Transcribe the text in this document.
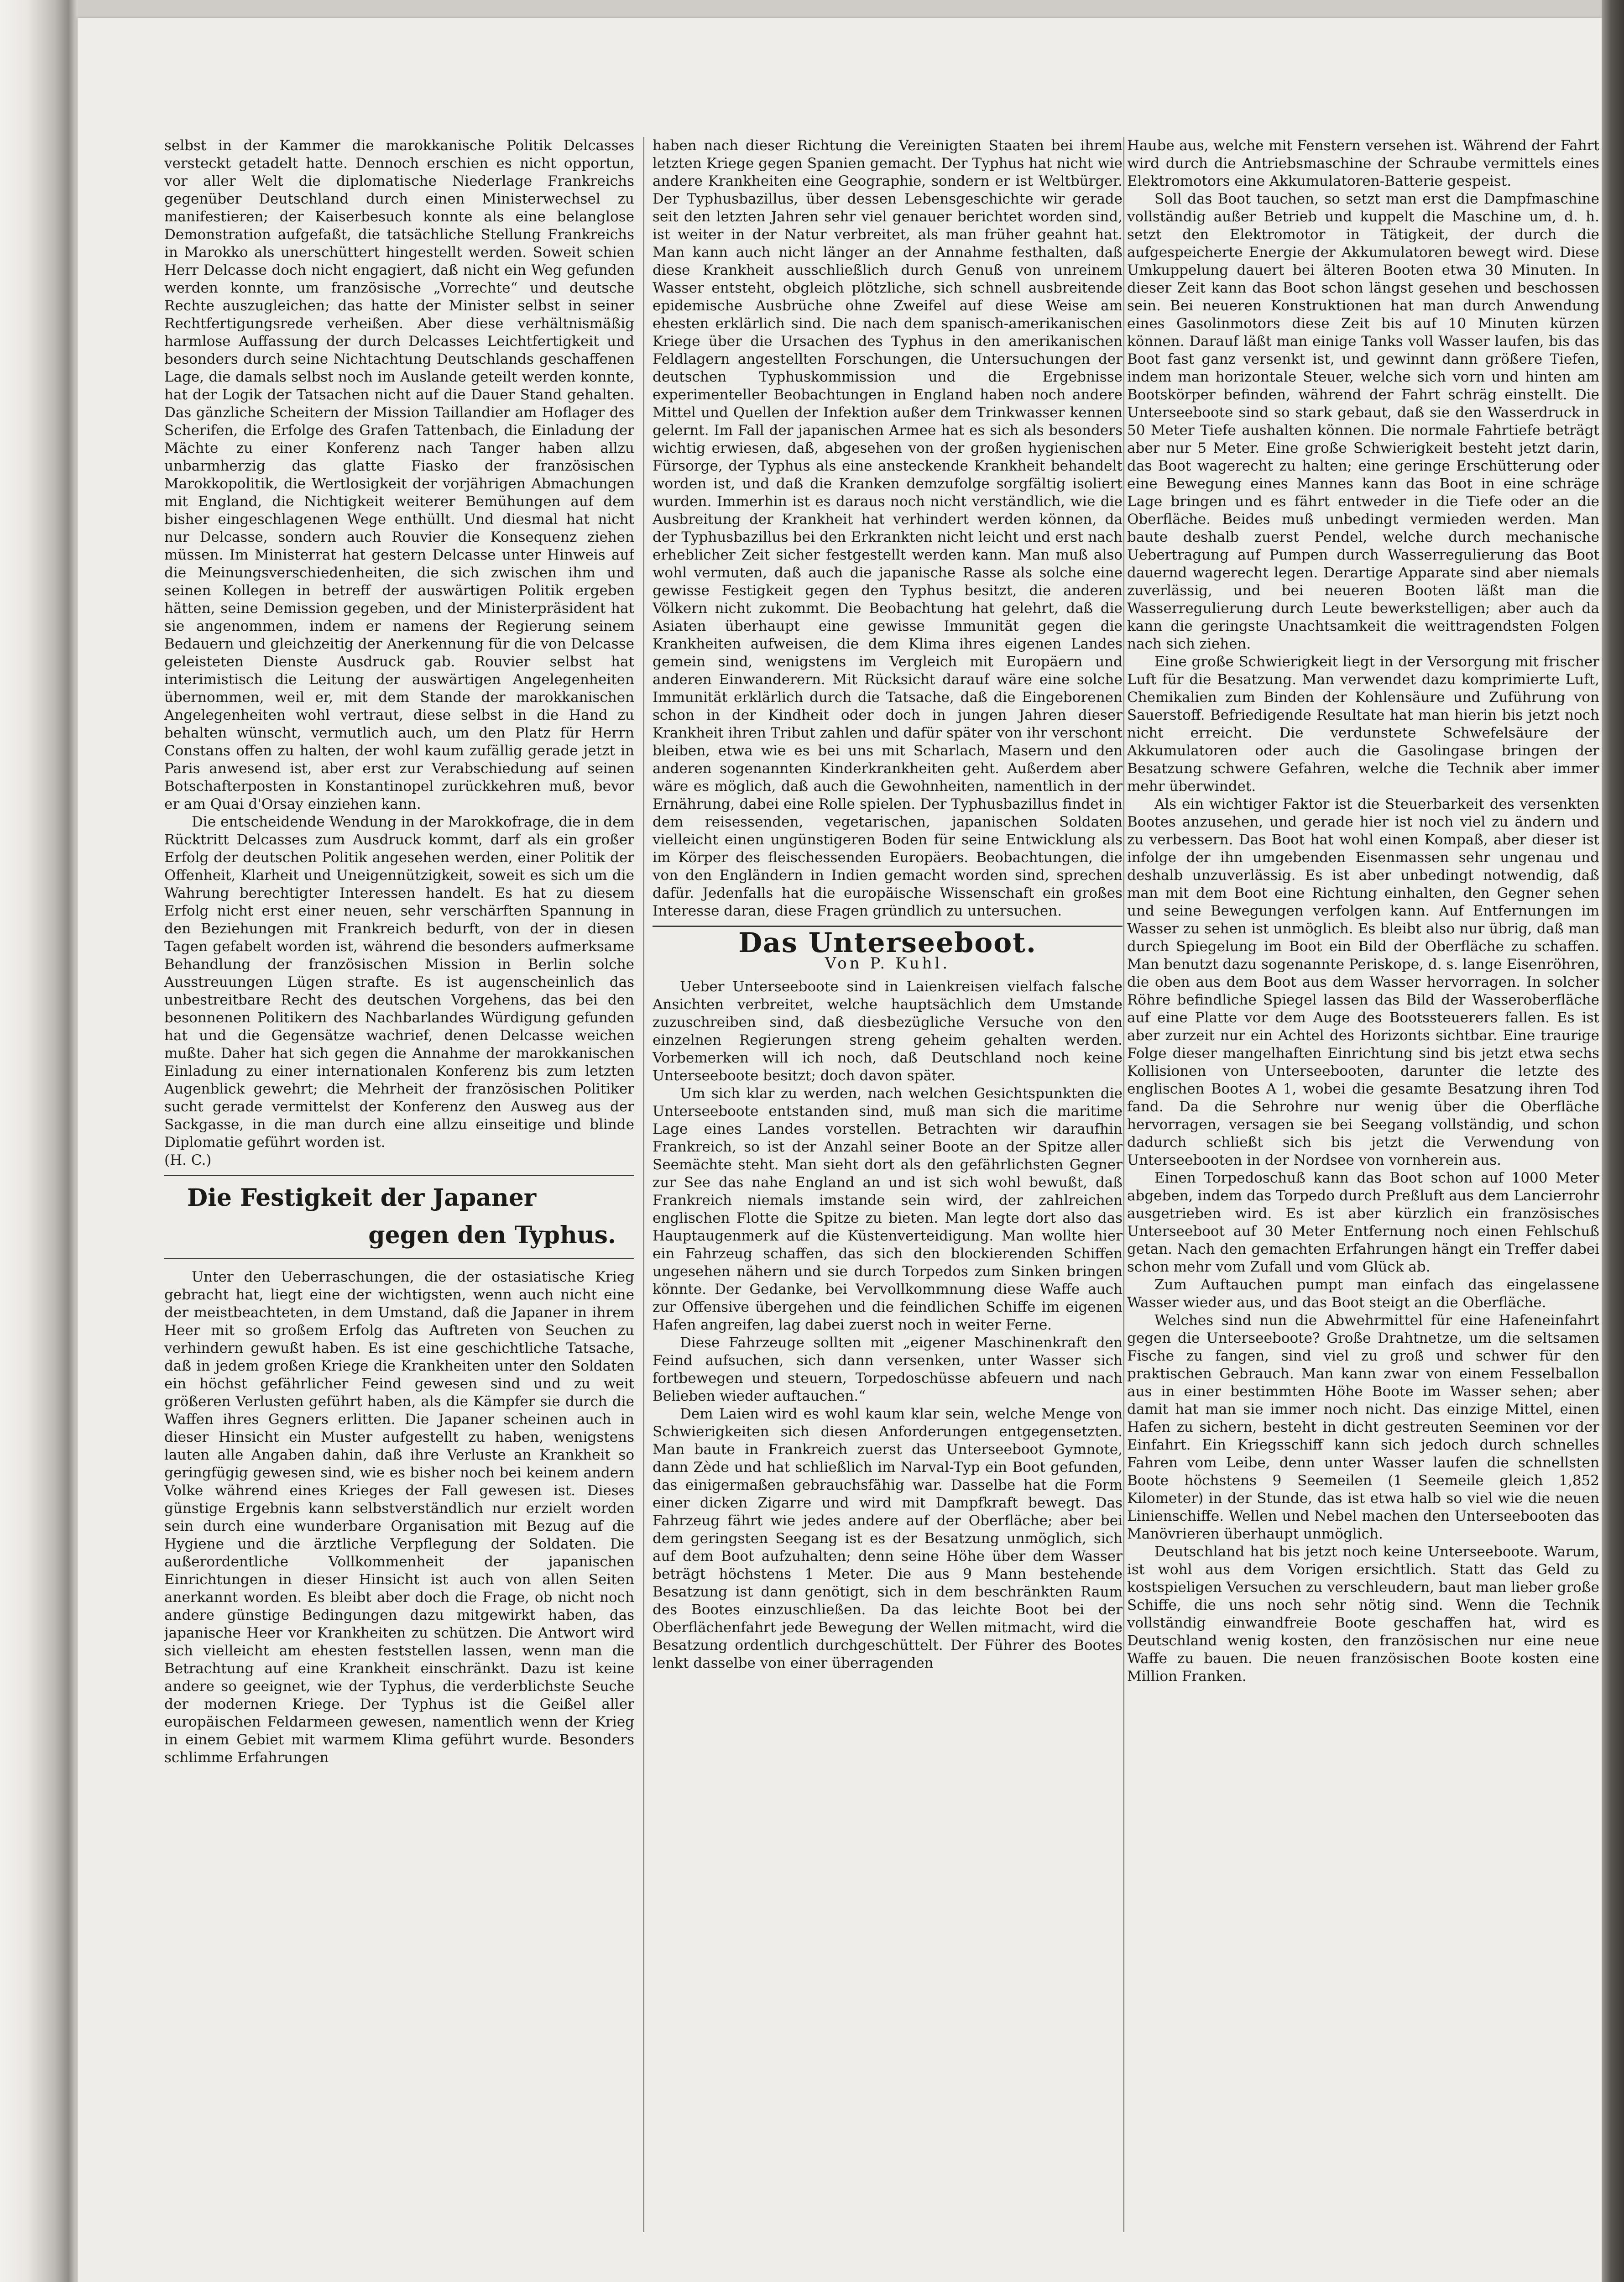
selbst in der Kammer die marokkanische Politik Delcasses versteckt getadelt hatte. Dennoch erschien es nicht opportun, vor aller Welt die diplomatische Niederlage Frankreichs gegenüber Deutschland durch einen Ministerwechsel zu manifestieren; der Kaiserbesuch konnte als eine belanglose Demonstration aufgefaßt, die tatsächliche Stellung Frankreichs in Marokko als unerschüttert hingestellt werden. Soweit schien Herr Delcasse doch nicht engagiert, daß nicht ein Weg gefunden werden konnte, um französische „Vorrechte“ und deutsche Rechte auszugleichen; das hatte der Minister selbst in seiner Rechtfertigungsrede verheißen. Aber diese verhältnismäßig harmlose Auffassung der durch Delcasses Leichtfertigkeit und besonders durch seine Nichtachtung Deutschlands geschaffenen Lage, die damals selbst noch im Auslande geteilt werden konnte, hat der Logik der Tatsachen nicht auf die Dauer Stand gehalten. Das gänzliche Scheitern der Mission Taillandier am Hoflager des Scherifen, die Erfolge des Grafen Tattenbach, die Einladung der Mächte zu einer Konferenz nach Tanger haben allzu unbarmherzig das glatte Fiasko der französischen Marokkopolitik, die Wertlosigkeit der vorjährigen Abmachungen mit England, die Nichtigkeit weiterer Bemühungen auf dem bisher eingeschlagenen Wege enthüllt. Und diesmal hat nicht nur Delcasse, sondern auch Rouvier die Konsequenz ziehen müssen. Im Ministerrat hat gestern Delcasse unter Hinweis auf die Meinungsverschiedenheiten, die sich zwischen ihm und seinen Kollegen in betreff der auswärtigen Politik ergeben hätten, seine Demission gegeben, und der Ministerpräsident hat sie angenommen, indem er namens der Regierung seinem Bedauern und gleichzeitig der Anerkennung für die von Delcasse geleisteten Dienste Ausdruck gab. Rouvier selbst hat interimistisch die Leitung der auswärtigen Angelegenheiten übernommen, weil er, mit dem Stande der marokkanischen Angelegenheiten wohl vertraut, diese selbst in die Hand zu behalten wünscht, vermutlich auch, um den Platz für Herrn Constans offen zu halten, der wohl kaum zufällig gerade jetzt in Paris anwesend ist, aber erst zur Verabschiedung auf seinen Botschafterposten in Konstantinopel zurückkehren muß, bevor er am Quai d'Orsay einziehen kann.

Die entscheidende Wendung in der Marokkofrage, die in dem Rücktritt Delcasses zum Ausdruck kommt, darf als ein großer Erfolg der deutschen Politik angesehen werden, einer Politik der Offenheit, Klarheit und Uneigennützigkeit, soweit es sich um die Wahrung berechtigter Interessen handelt. Es hat zu diesem Erfolg nicht erst einer neuen, sehr verschärften Spannung in den Beziehungen mit Frankreich bedurft, von der in diesen Tagen gefabelt worden ist, während die besonders aufmerksame Behandlung der französischen Mission in Berlin solche Ausstreuungen Lügen strafte. Es ist augenscheinlich das unbestreitbare Recht des deutschen Vorgehens, das bei den besonnenen Politikern des Nachbarlandes Würdigung gefunden hat und die Gegensätze wachrief, denen Delcasse weichen mußte. Daher hat sich gegen die Annahme der marokkanischen Einladung zu einer internationalen Konferenz bis zum letzten Augenblick gewehrt; die Mehrheit der französischen Politiker sucht gerade vermittelst der Konferenz den Ausweg aus der Sackgasse, in die man durch eine allzu einseitige und blinde Diplomatie geführt worden ist.

(H. C.)
Die Festigkeit der Japaner
gegen den Typhus.

Unter den Ueberraschungen, die der ostasiatische Krieg gebracht hat, liegt eine der wichtigsten, wenn auch nicht eine der meistbeachteten, in dem Umstand, daß die Japaner in ihrem Heer mit so großem Erfolg das Auftreten von Seuchen zu verhindern gewußt haben. Es ist eine geschichtliche Tatsache, daß in jedem großen Kriege die Krankheiten unter den Soldaten ein höchst gefährlicher Feind gewesen sind und zu weit größeren Verlusten geführt haben, als die Kämpfer sie durch die Waffen ihres Gegners erlitten. Die Japaner scheinen auch in dieser Hinsicht ein Muster aufgestellt zu haben, wenigstens lauten alle Angaben dahin, daß ihre Verluste an Krankheit so geringfügig gewesen sind, wie es bisher noch bei keinem andern Volke während eines Krieges der Fall gewesen ist. Dieses günstige Ergebnis kann selbstverständlich nur erzielt worden sein durch eine wunderbare Organisation mit Bezug auf die Hygiene und die ärztliche Verpflegung der Soldaten. Die außerordentliche Vollkommenheit der japanischen Einrichtungen in dieser Hinsicht ist auch von allen Seiten anerkannt worden. Es bleibt aber doch die Frage, ob nicht noch andere günstige Bedingungen dazu mitgewirkt haben, das japanische Heer vor Krankheiten zu schützen. Die Antwort wird sich vielleicht am ehesten feststellen lassen, wenn man die Betrachtung auf eine Krankheit einschränkt. Dazu ist keine andere so geeignet, wie der Typhus, die verderblichste Seuche der modernen Kriege. Der Typhus ist die Geißel aller europäischen Feldarmeen gewesen, namentlich wenn der Krieg in einem Gebiet mit warmem Klima geführt wurde. Besonders schlimme Erfahrungen

haben nach dieser Richtung die Vereinigten Staaten bei ihrem letzten Kriege gegen Spanien gemacht. Der Typhus hat nicht wie andere Krankheiten eine Geographie, sondern er ist Weltbürger. Der Typhusbazillus, über dessen Lebensgeschichte wir gerade seit den letzten Jahren sehr viel genauer berichtet worden sind, ist weiter in der Natur verbreitet, als man früher geahnt hat. Man kann auch nicht länger an der Annahme festhalten, daß diese Krankheit ausschließlich durch Genuß von unreinem Wasser entsteht, obgleich plötzliche, sich schnell ausbreitende epidemische Ausbrüche ohne Zweifel auf diese Weise am ehesten erklärlich sind. Die nach dem spanisch-amerikanischen Kriege über die Ursachen des Typhus in den amerikanischen Feldlagern angestellten Forschungen, die Untersuchungen der deutschen Typhuskommission und die Ergebnisse experimenteller Beobachtungen in England haben noch andere Mittel und Quellen der Infektion außer dem Trinkwasser kennen gelernt. Im Fall der japanischen Armee hat es sich als besonders wichtig erwiesen, daß, abgesehen von der großen hygienischen Fürsorge, der Typhus als eine ansteckende Krankheit behandelt worden ist, und daß die Kranken demzufolge sorgfältig isoliert wurden. Immerhin ist es daraus noch nicht verständlich, wie die Ausbreitung der Krankheit hat verhindert werden können, da der Typhusbazillus bei den Erkrankten nicht leicht und erst nach erheblicher Zeit sicher festgestellt werden kann. Man muß also wohl vermuten, daß auch die japanische Rasse als solche eine gewisse Festigkeit gegen den Typhus besitzt, die anderen Völkern nicht zukommt. Die Beobachtung hat gelehrt, daß die Asiaten überhaupt eine gewisse Immunität gegen die Krankheiten aufweisen, die dem Klima ihres eigenen Landes gemein sind, wenigstens im Vergleich mit Europäern und anderen Einwanderern. Mit Rücksicht darauf wäre eine solche Immunität erklärlich durch die Tatsache, daß die Eingeborenen schon in der Kindheit oder doch in jungen Jahren dieser Krankheit ihren Tribut zahlen und dafür später von ihr verschont bleiben, etwa wie es bei uns mit Scharlach, Masern und den anderen sogenannten Kinderkrankheiten geht. Außerdem aber wäre es möglich, daß auch die Gewohnheiten, namentlich in der Ernährung, dabei eine Rolle spielen. Der Typhusbazillus findet in dem reisessenden, vegetarischen, japanischen Soldaten vielleicht einen ungünstigeren Boden für seine Entwicklung als im Körper des fleischessenden Europäers. Beobachtungen, die von den Engländern in Indien gemacht worden sind, sprechen dafür. Jedenfalls hat die europäische Wissenschaft ein großes Interesse daran, diese Fragen gründlich zu untersuchen.

Das Unterseeboot.
Von P. Kuhl.

Ueber Unterseeboote sind in Laienkreisen vielfach falsche Ansichten verbreitet, welche hauptsächlich dem Umstande zuzuschreiben sind, daß diesbezügliche Versuche von den einzelnen Regierungen streng geheim gehalten werden. Vorbemerken will ich noch, daß Deutschland noch keine Unterseeboote besitzt; doch davon später.

Um sich klar zu werden, nach welchen Gesichtspunkten die Unterseeboote entstanden sind, muß man sich die maritime Lage eines Landes vorstellen. Betrachten wir daraufhin Frankreich, so ist der Anzahl seiner Boote an der Spitze aller Seemächte steht. Man sieht dort als den gefährlichsten Gegner zur See das nahe England an und ist sich wohl bewußt, daß Frankreich niemals imstande sein wird, der zahlreichen englischen Flotte die Spitze zu bieten. Man legte dort also das Hauptaugenmerk auf die Küstenverteidigung. Man wollte hier ein Fahrzeug schaffen, das sich den blockierenden Schiffen ungesehen nähern und sie durch Torpedos zum Sinken bringen könnte. Der Gedanke, bei Vervollkommnung diese Waffe auch zur Offensive übergehen und die feindlichen Schiffe im eigenen Hafen angreifen, lag dabei zuerst noch in weiter Ferne.

Diese Fahrzeuge sollten mit „eigener Maschinenkraft den Feind aufsuchen, sich dann versenken, unter Wasser sich fortbewegen und steuern, Torpedoschüsse abfeuern und nach Belieben wieder auftauchen.“

Dem Laien wird es wohl kaum klar sein, welche Menge von Schwierigkeiten sich diesen Anforderungen entgegensetzten. Man baute in Frankreich zuerst das Unterseeboot Gymnote, dann Zède und hat schließlich im Narval-Typ ein Boot gefunden, das einigermaßen gebrauchsfähig war. Dasselbe hat die Form einer dicken Zigarre und wird mit Dampfkraft bewegt. Das Fahrzeug fährt wie jedes andere auf der Oberfläche; aber bei dem geringsten Seegang ist es der Besatzung unmöglich, sich auf dem Boot aufzuhalten; denn seine Höhe über dem Wasser beträgt höchstens 1 Meter. Die aus 9 Mann bestehende Besatzung ist dann genötigt, sich in dem beschränkten Raum des Bootes einzuschließen. Da das leichte Boot bei der Oberflächenfahrt jede Bewegung der Wellen mitmacht, wird die Besatzung ordentlich durchgeschüttelt. Der Führer des Bootes lenkt dasselbe von einer überragenden

Haube aus, welche mit Fenstern versehen ist. Während der Fahrt wird durch die Antriebsmaschine der Schraube vermittels eines Elektromotors eine Akkumulatoren-Batterie gespeist.

Soll das Boot tauchen, so setzt man erst die Dampfmaschine vollständig außer Betrieb und kuppelt die Maschine um, d. h. setzt den Elektromotor in Tätigkeit, der durch die aufgespeicherte Energie der Akkumulatoren bewegt wird. Diese Umkuppelung dauert bei älteren Booten etwa 30 Minuten. In dieser Zeit kann das Boot schon längst gesehen und beschossen sein. Bei neueren Konstruktionen hat man durch Anwendung eines Gasolinmotors diese Zeit bis auf 10 Minuten kürzen können. Darauf läßt man einige Tanks voll Wasser laufen, bis das Boot fast ganz versenkt ist, und gewinnt dann größere Tiefen, indem man horizontale Steuer, welche sich vorn und hinten am Bootskörper befinden, während der Fahrt schräg einstellt. Die Unterseeboote sind so stark gebaut, daß sie den Wasserdruck in 50 Meter Tiefe aushalten können. Die normale Fahrtiefe beträgt aber nur 5 Meter. Eine große Schwierigkeit besteht jetzt darin, das Boot wagerecht zu halten; eine geringe Erschütterung oder eine Bewegung eines Mannes kann das Boot in eine schräge Lage bringen und es fährt entweder in die Tiefe oder an die Oberfläche. Beides muß unbedingt vermieden werden. Man baute deshalb zuerst Pendel, welche durch mechanische Uebertragung auf Pumpen durch Wasserregulierung das Boot dauernd wagerecht legen. Derartige Apparate sind aber niemals zuverlässig, und bei neueren Booten läßt man die Wasserregulierung durch Leute bewerkstelligen; aber auch da kann die geringste Unachtsamkeit die weittragendsten Folgen nach sich ziehen.

Eine große Schwierigkeit liegt in der Versorgung mit frischer Luft für die Besatzung. Man verwendet dazu komprimierte Luft, Chemikalien zum Binden der Kohlensäure und Zuführung von Sauerstoff. Befriedigende Resultate hat man hierin bis jetzt noch nicht erreicht. Die verdunstete Schwefelsäure der Akkumulatoren oder auch die Gasolingase bringen der Besatzung schwere Gefahren, welche die Technik aber immer mehr überwindet.

Als ein wichtiger Faktor ist die Steuerbarkeit des versenkten Bootes anzusehen, und gerade hier ist noch viel zu ändern und zu verbessern. Das Boot hat wohl einen Kompaß, aber dieser ist infolge der ihn umgebenden Eisenmassen sehr ungenau und deshalb unzuverlässig. Es ist aber unbedingt notwendig, daß man mit dem Boot eine Richtung einhalten, den Gegner sehen und seine Bewegungen verfolgen kann. Auf Entfernungen im Wasser zu sehen ist unmöglich. Es bleibt also nur übrig, daß man durch Spiegelung im Boot ein Bild der Oberfläche zu schaffen. Man benutzt dazu sogenannte Periskope, d. s. lange Eisenröhren, die oben aus dem Boot aus dem Wasser hervorragen. In solcher Röhre befindliche Spiegel lassen das Bild der Wasseroberfläche auf eine Platte vor dem Auge des Bootssteuerers fallen. Es ist aber zurzeit nur ein Achtel des Horizonts sichtbar. Eine traurige Folge dieser mangelhaften Einrichtung sind bis jetzt etwa sechs Kollisionen von Unterseebooten, darunter die letzte des englischen Bootes A 1, wobei die gesamte Besatzung ihren Tod fand. Da die Sehrohre nur wenig über die Oberfläche hervorragen, versagen sie bei Seegang vollständig, und schon dadurch schließt sich bis jetzt die Verwendung von Unterseebooten in der Nordsee von vornherein aus.

Einen Torpedoschuß kann das Boot schon auf 1000 Meter abgeben, indem das Torpedo durch Preßluft aus dem Lancierrohr ausgetrieben wird. Es ist aber kürzlich ein französisches Unterseeboot auf 30 Meter Entfernung noch einen Fehlschuß getan. Nach den gemachten Erfahrungen hängt ein Treffer dabei schon mehr vom Zufall und vom Glück ab.

Zum Auftauchen pumpt man einfach das eingelassene Wasser wieder aus, und das Boot steigt an die Oberfläche.

Welches sind nun die Abwehrmittel für eine Hafeneinfahrt gegen die Unterseeboote? Große Drahtnetze, um die seltsamen Fische zu fangen, sind viel zu groß und schwer für den praktischen Gebrauch. Man kann zwar von einem Fesselballon aus in einer bestimmten Höhe Boote im Wasser sehen; aber damit hat man sie immer noch nicht. Das einzige Mittel, einen Hafen zu sichern, besteht in dicht gestreuten Seeminen vor der Einfahrt. Ein Kriegsschiff kann sich jedoch durch schnelles Fahren vom Leibe, denn unter Wasser laufen die schnellsten Boote höchstens 9 Seemeilen (1 Seemeile gleich 1,852 Kilometer) in der Stunde, das ist etwa halb so viel wie die neuen Linienschiffe. Wellen und Nebel machen den Unterseebooten das Manövrieren überhaupt unmöglich.

Deutschland hat bis jetzt noch keine Unterseeboote. Warum, ist wohl aus dem Vorigen ersichtlich. Statt das Geld zu kostspieligen Versuchen zu verschleudern, baut man lieber große Schiffe, die uns noch sehr nötig sind. Wenn die Technik vollständig einwandfreie Boote geschaffen hat, wird es Deutschland wenig kosten, den französischen nur eine neue Waffe zu bauen. Die neuen französischen Boote kosten eine Million Franken.
